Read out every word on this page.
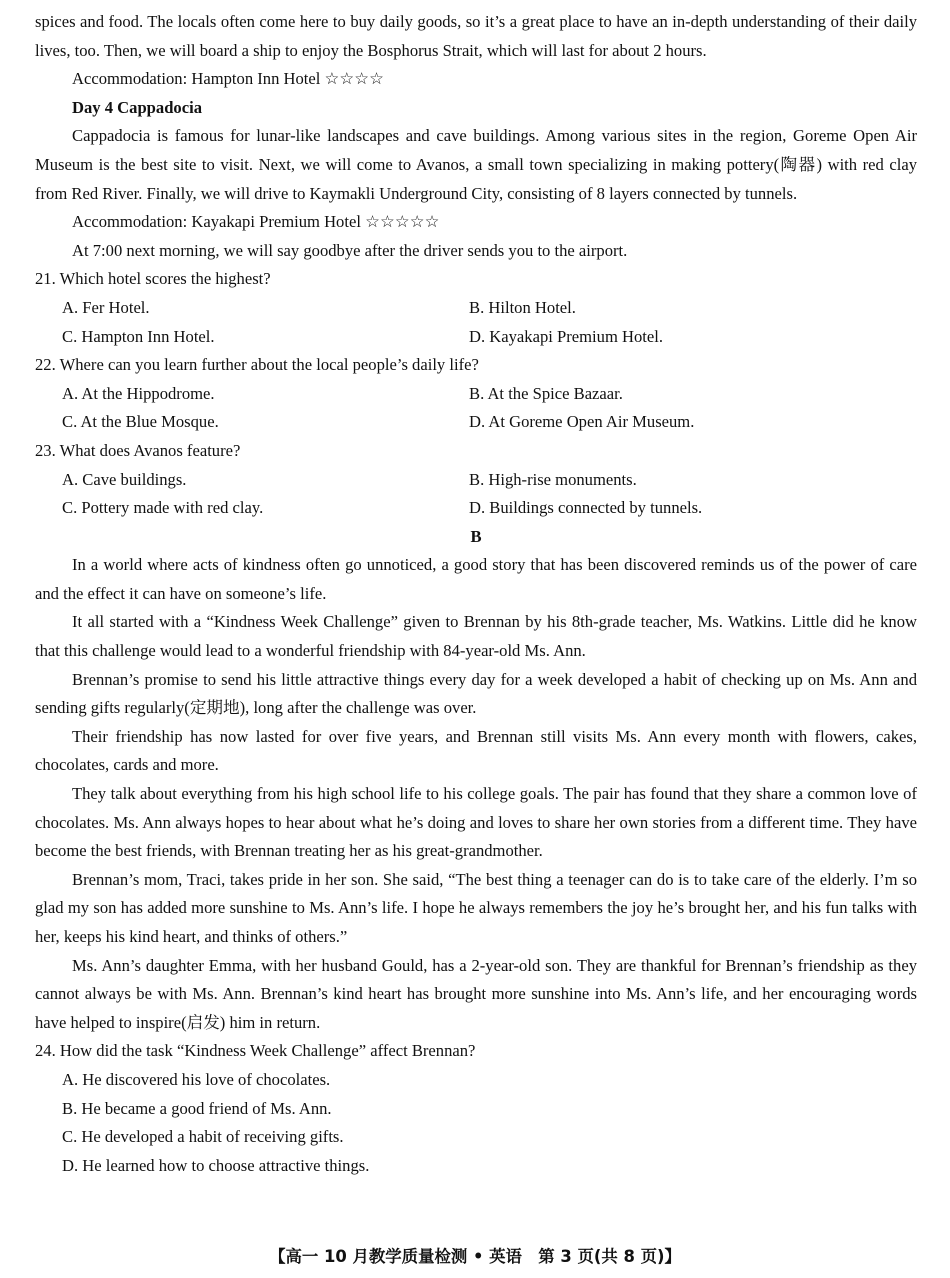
spices and food. The locals often come here to buy daily goods, so it’s a great place to have an in-depth understanding of their daily lives, too. Then, we will board a ship to enjoy the Bosphorus Strait, which will last for about 2 hours.

Accommodation: Hampton Inn Hotel ☆☆☆☆

Day 4 Cappadocia

Cappadocia is famous for lunar-like landscapes and cave buildings. Among various sites in the region, Goreme Open Air Museum is the best site to visit. Next, we will come to Avanos, a small town specializing in making pottery(陶器) with red clay from Red River. Finally, we will drive to Kaymakli Underground City, consisting of 8 layers connected by tunnels.

Accommodation: Kayakapi Premium Hotel ☆☆☆☆☆

At 7:00 next morning, we will say goodbye after the driver sends you to the airport.

21. Which hotel scores the highest?
A. Fer Hotel.	B. Hilton Hotel.
C. Hampton Inn Hotel.	D. Kayakapi Premium Hotel.
22. Where can you learn further about the local people’s daily life?
A. At the Hippodrome.	B. At the Spice Bazaar.
C. At the Blue Mosque.	D. At Goreme Open Air Museum.
23. What does Avanos feature?
A. Cave buildings.	B. High-rise monuments.
C. Pottery made with red clay.	D. Buildings connected by tunnels.
B

In a world where acts of kindness often go unnoticed, a good story that has been discovered reminds us of the power of care and the effect it can have on someone’s life.

It all started with a “Kindness Week Challenge” given to Brennan by his 8th-grade teacher, Ms. Watkins. Little did he know that this challenge would lead to a wonderful friendship with 84-year-old Ms. Ann.

Brennan’s promise to send his little attractive things every day for a week developed a habit of checking up on Ms. Ann and sending gifts regularly(定期地), long after the challenge was over.

Their friendship has now lasted for over five years, and Brennan still visits Ms. Ann every month with flowers, cakes, chocolates, cards and more.

They talk about everything from his high school life to his college goals. The pair has found that they share a common love of chocolates. Ms. Ann always hopes to hear about what he’s doing and loves to share her own stories from a different time. They have become the best friends, with Brennan treating her as his great-grandmother.

Brennan’s mom, Traci, takes pride in her son. She said, “The best thing a teenager can do is to take care of the elderly. I’m so glad my son has added more sunshine to Ms. Ann’s life. I hope he always remembers the joy he’s brought her, and his fun talks with her, keeps his kind heart, and thinks of others.”

Ms. Ann’s daughter Emma, with her husband Gould, has a 2-year-old son. They are thankful for Brennan’s friendship as they cannot always be with Ms. Ann. Brennan’s kind heart has brought more sunshine into Ms. Ann’s life, and her encouraging words have helped to inspire(启发) him in return.

24. How did the task “Kindness Week Challenge” affect Brennan?
A. He discovered his love of chocolates.
B. He became a good friend of Ms. Ann.
C. He developed a habit of receiving gifts.
D. He learned how to choose attractive things.
【高一 10 月教学质量检测 • 英语　第 3 页(共 8 页)】
